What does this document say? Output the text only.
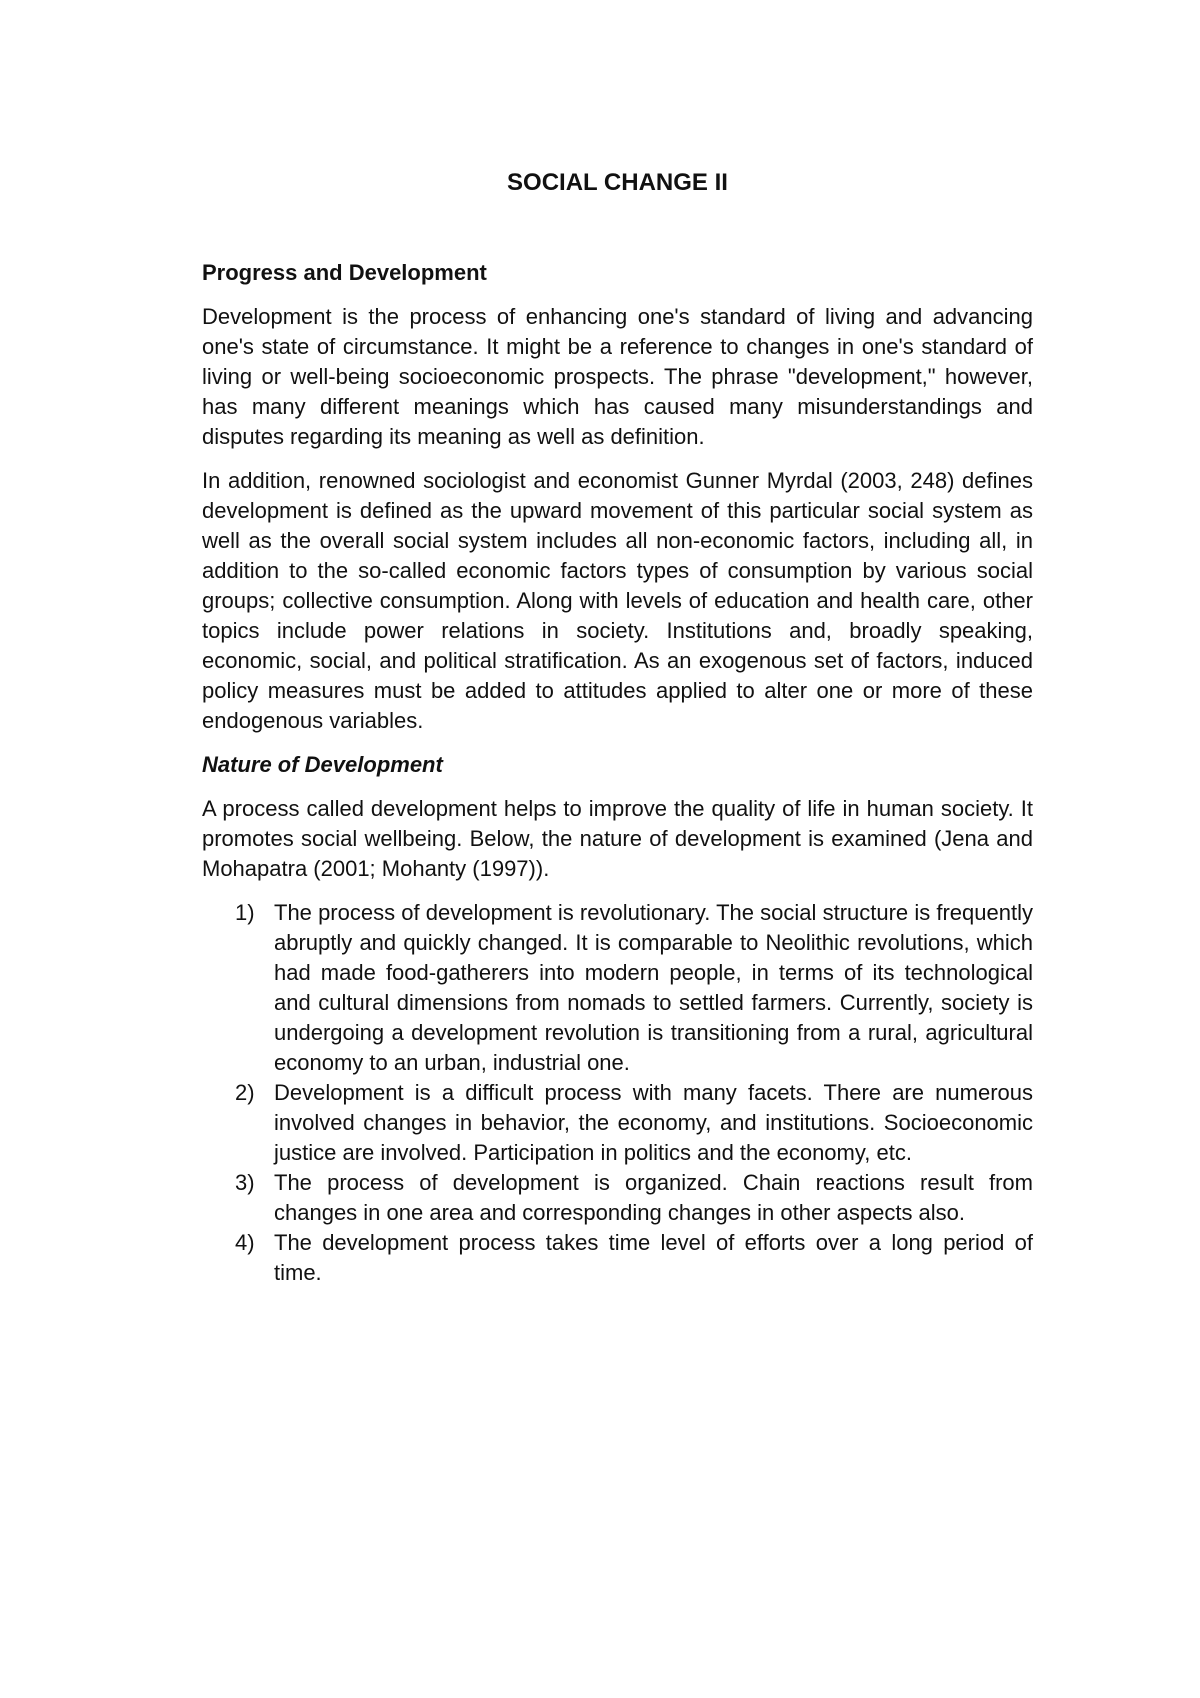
SOCIAL CHANGE II
Progress and Development

Development is the process of enhancing one's standard of living and advancing one's state of circumstance. It might be a reference to changes in one's standard of living or well-being socioeconomic prospects. The phrase "development," however, has many different meanings which has caused many misunderstandings and disputes regarding its meaning as well as definition.

In addition, renowned sociologist and economist Gunner Myrdal (2003, 248) defines development is defined as the upward movement of this particular social system as well as the overall social system includes all non-economic factors, including all, in addition to the so-called economic factors types of consumption by various social groups; collective consumption. Along with levels of education and health care, other topics include power relations in society. Institutions and, broadly speaking, economic, social, and political stratification. As an exogenous set of factors, induced policy measures must be added to attitudes applied to alter one or more of these endogenous variables.

Nature of Development

A process called development helps to improve the quality of life in human society. It promotes social wellbeing. Below, the nature of development is examined (Jena and Mohapatra (2001; Mohanty (1997)).

1) The process of development is revolutionary. The social structure is frequently abruptly and quickly changed. It is comparable to Neolithic revolutions, which had made food-gatherers into modern people, in terms of its technological and cultural dimensions from nomads to settled farmers. Currently, society is undergoing a development revolution is transitioning from a rural, agricultural economy to an urban, industrial one.
2) Development is a difficult process with many facets. There are numerous involved changes in behavior, the economy, and institutions. Socioeconomic justice are involved. Participation in politics and the economy, etc.
3) The process of development is organized. Chain reactions result from changes in one area and corresponding changes in other aspects also.
4) The development process takes time level of efforts over a long period of time.
